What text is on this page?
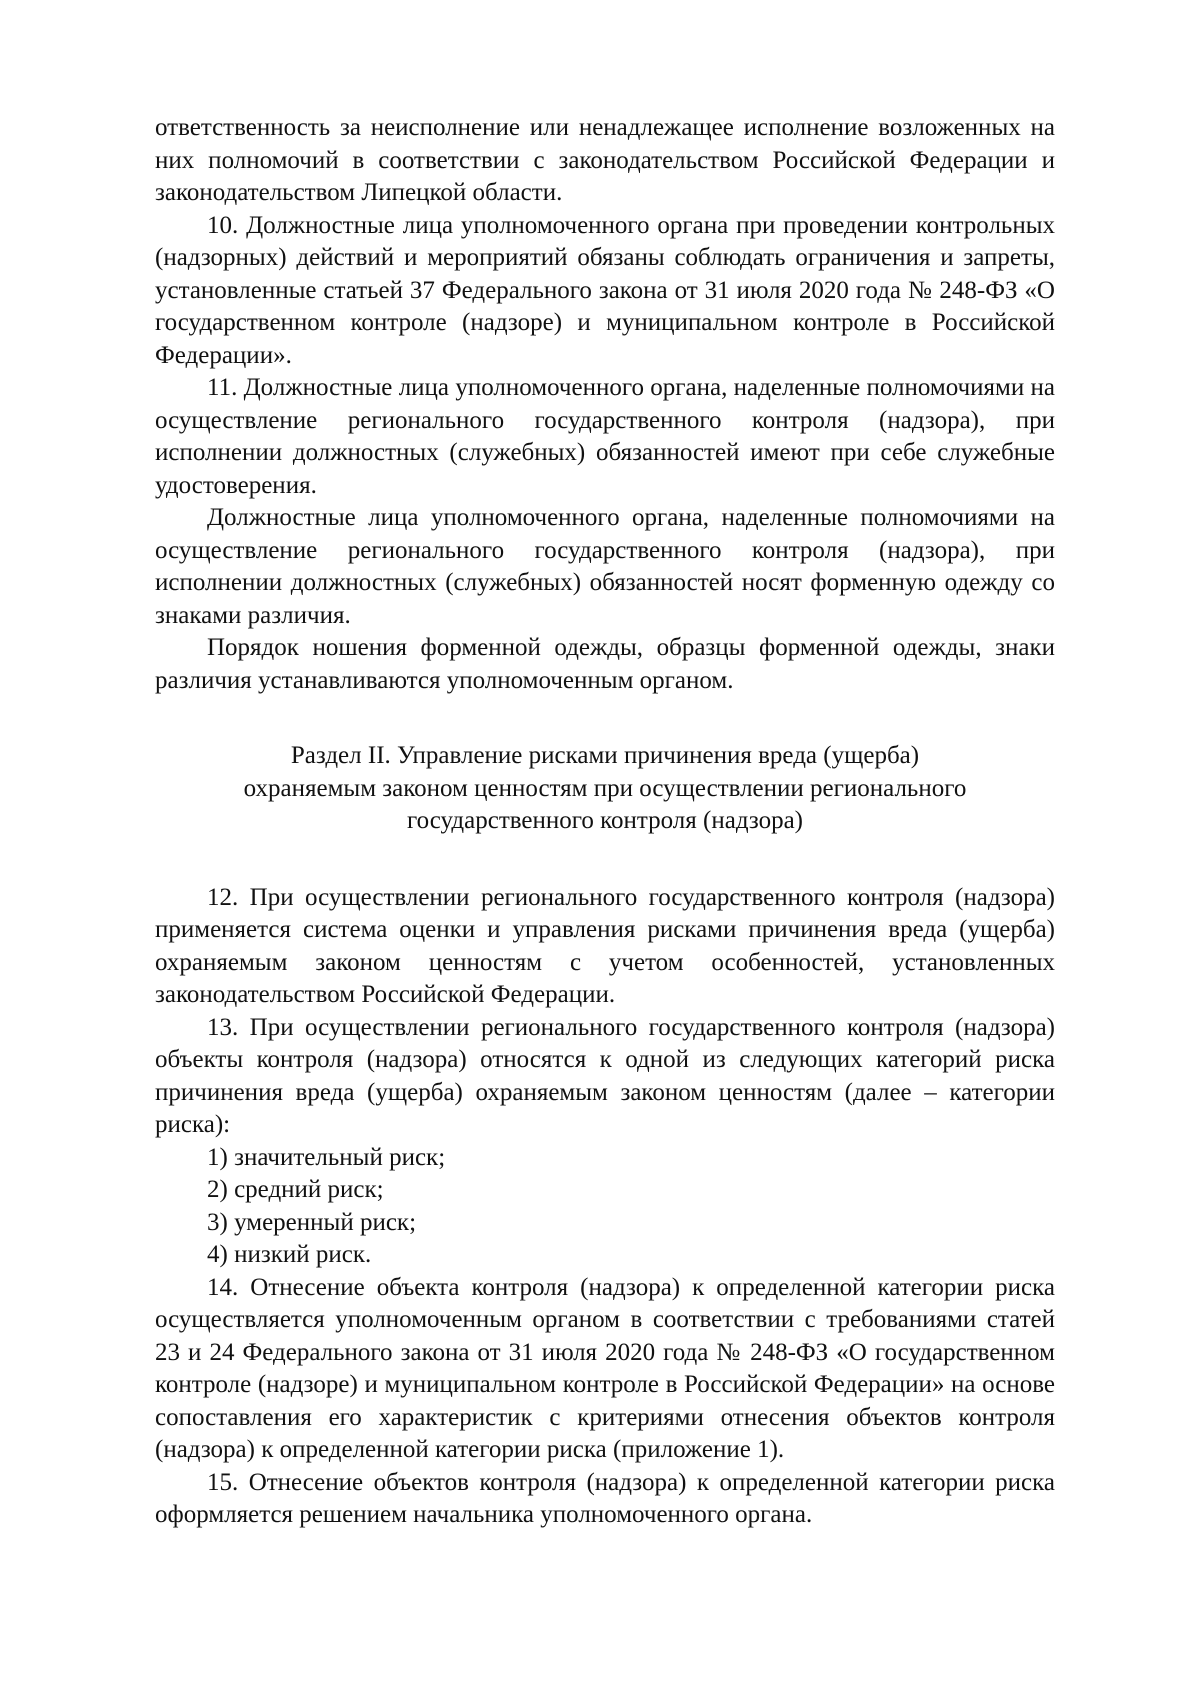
ответственность за неисполнение или ненадлежащее исполнение возложенных на них полномочий в соответствии с законодательством Российской Федерации и законодательством Липецкой области.

10. Должностные лица уполномоченного органа при проведении контрольных (надзорных) действий и мероприятий обязаны соблюдать ограничения и запреты, установленные статьей 37 Федерального закона от 31 июля 2020 года № 248-ФЗ «О государственном контроле (надзоре) и муниципальном контроле в Российской Федерации».

11. Должностные лица уполномоченного органа, наделенные полномочиями на осуществление регионального государственного контроля (надзора), при исполнении должностных (служебных) обязанностей имеют при себе служебные удостоверения.

Должностные лица уполномоченного органа, наделенные полномочиями на осуществление регионального государственного контроля (надзора), при исполнении должностных (служебных) обязанностей носят форменную одежду со знаками различия.

Порядок ношения форменной одежды, образцы форменной одежды, знаки различия устанавливаются уполномоченным органом.

Раздел II. Управление рисками причинения вреда (ущерба)
охраняемым законом ценностям при осуществлении регионального
государственного контроля (надзора)

12. При осуществлении регионального государственного контроля (надзора) применяется система оценки и управления рисками причинения вреда (ущерба) охраняемым законом ценностям с учетом особенностей, установленных законодательством Российской Федерации.

13. При осуществлении регионального государственного контроля (надзора) объекты контроля (надзора) относятся к одной из следующих категорий риска причинения вреда (ущерба) охраняемым законом ценностям (далее – категории риска):

1) значительный риск;

2) средний риск;

3) умеренный риск;

4) низкий риск.

14. Отнесение объекта контроля (надзора) к определенной категории риска осуществляется уполномоченным органом в соответствии с требованиями статей 23 и 24 Федерального закона от 31 июля 2020 года № 248-ФЗ «О государственном контроле (надзоре) и муниципальном контроле в Российской Федерации» на основе сопоставления его характеристик с критериями отнесения объектов контроля (надзора) к определенной категории риска (приложение 1).

15. Отнесение объектов контроля (надзора) к определенной категории риска оформляется решением начальника уполномоченного органа.
